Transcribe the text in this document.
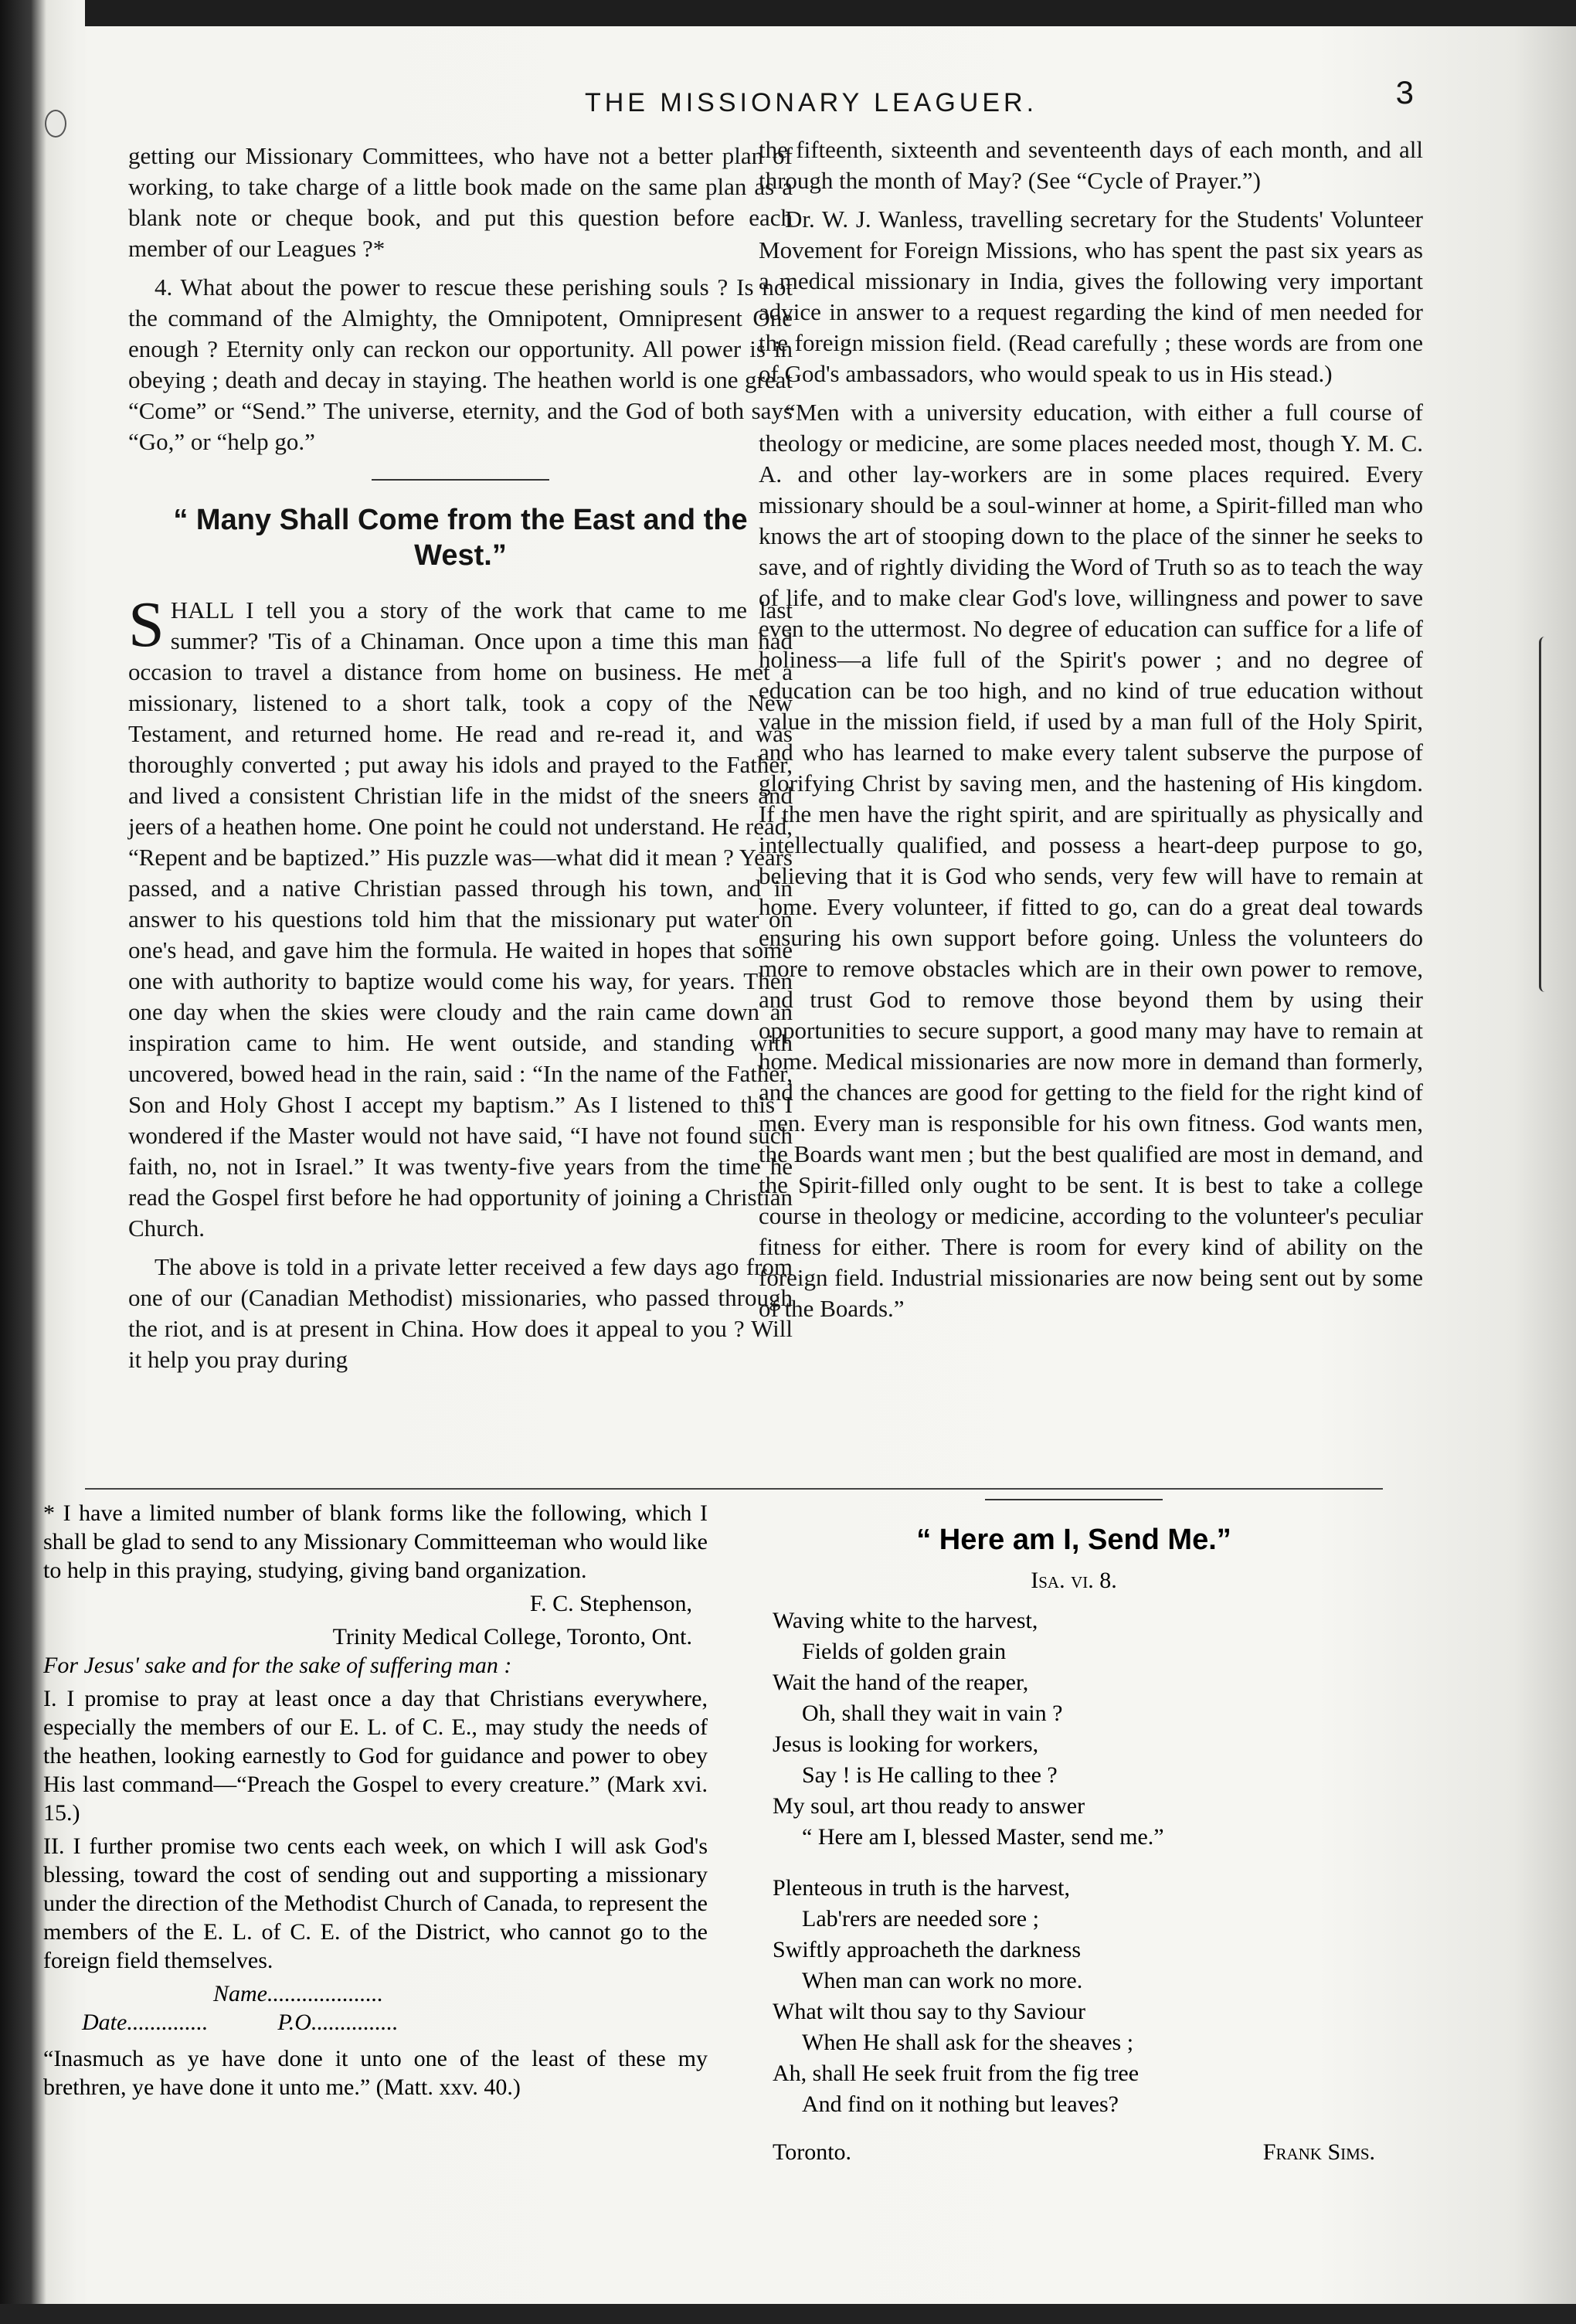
THE MISSIONARY LEAGUER.	3

getting our Missionary Committees, who have not a better plan of working, to take charge of a little book made on the same plan as a blank note or cheque book, and put this question before each member of our Leagues ?*

4. What about the power to rescue these perishing souls ? Is not the command of the Almighty, the Omnipotent, Omnipresent One enough ? Eternity only can reckon our opportunity. All power is in obeying ; death and decay in staying. The heathen world is one great “Come” or “Send.” The universe, eternity, and the God of both says “Go,” or “help go.”

“ Many Shall Come from the East and the West.”

SHALL I tell you a story of the work that came to me last summer? 'Tis of a Chinaman. Once upon a time this man had occasion to travel a distance from home on business. He met a missionary, listened to a short talk, took a copy of the New Testament, and returned home. He read and re-read it, and was thoroughly converted ; put away his idols and prayed to the Father, and lived a consistent Christian life in the midst of the sneers and jeers of a heathen home. One point he could not understand. He read, “Repent and be baptized.” His puzzle was—what did it mean ? Years passed, and a native Christian passed through his town, and in answer to his questions told him that the missionary put water on one's head, and gave him the formula. He waited in hopes that some one with authority to baptize would come his way, for years. Then one day when the skies were cloudy and the rain came down an inspiration came to him. He went outside, and standing with uncovered, bowed head in the rain, said : “In the name of the Father, Son and Holy Ghost I accept my baptism.” As I listened to this I wondered if the Master would not have said, “I have not found such faith, no, not in Israel.” It was twenty-five years from the time he read the Gospel first before he had opportunity of joining a Christian Church.

The above is told in a private letter received a few days ago from one of our (Canadian Methodist) missionaries, who passed through the riot, and is at present in China. How does it appeal to you ? Will it help you pray during

the fifteenth, sixteenth and seventeenth days of each month, and all through the month of May? (See “Cycle of Prayer.”)

Dr. W. J. Wanless, travelling secretary for the Students' Volunteer Movement for Foreign Missions, who has spent the past six years as a medical missionary in India, gives the following very important advice in answer to a request regarding the kind of men needed for the foreign mission field. (Read carefully ; these words are from one of God's ambassadors, who would speak to us in His stead.)

“Men with a university education, with either a full course of theology or medicine, are some places needed most, though Y. M. C. A. and other lay-workers are in some places required. Every missionary should be a soul-winner at home, a Spirit-filled man who knows the art of stooping down to the place of the sinner he seeks to save, and of rightly dividing the Word of Truth so as to teach the way of life, and to make clear God's love, willingness and power to save even to the uttermost. No degree of education can suffice for a life of holiness—a life full of the Spirit's power ; and no degree of education can be too high, and no kind of true education without value in the mission field, if used by a man full of the Holy Spirit, and who has learned to make every talent subserve the purpose of glorifying Christ by saving men, and the hastening of His kingdom. If the men have the right spirit, and are spiritually as physically and intellectually qualified, and possess a heart-deep purpose to go, believing that it is God who sends, very few will have to remain at home. Every volunteer, if fitted to go, can do a great deal towards ensuring his own support before going. Unless the volunteers do more to remove obstacles which are in their own power to remove, and trust God to remove those beyond them by using their opportunities to secure support, a good many may have to remain at home. Medical missionaries are now more in demand than formerly, and the chances are good for getting to the field for the right kind of men. Every man is responsible for his own fitness. God wants men, the Boards want men ; but the best qualified are most in demand, and the Spirit-filled only ought to be sent. It is best to take a college course in theology or medicine, according to the volunteer's peculiar fitness for either. There is room for every kind of ability on the foreign field. Industrial missionaries are now being sent out by some of the Boards.”

* I have a limited number of blank forms like the following, which I shall be glad to send to any Missionary Committeeman who would like to help in this praying, studying, giving band organization.

F. C. Stephenson,
Trinity Medical College, Toronto, Ont.

For Jesus' sake and for the sake of suffering man :

I. I promise to pray at least once a day that Christians everywhere, especially the members of our E. L. of C. E., may study the needs of the heathen, looking earnestly to God for guidance and power to obey His last command—“Preach the Gospel to every creature.” (Mark xvi. 15.)

II. I further promise two cents each week, on which I will ask God's blessing, toward the cost of sending out and supporting a missionary under the direction of the Methodist Church of Canada, to represent the members of the E. L. of C. E. of the District, who cannot go to the foreign field themselves.

Name....................
Date..............	P.O...............

“Inasmuch as ye have done it unto one of the least of these my brethren, ye have done it unto me.” (Matt. xxv. 40.)

“ Here am I, Send Me.”
Isa. vi. 8.
Waving white to the harvest,
Fields of golden grain
Wait the hand of the reaper,
Oh, shall they wait in vain ?
Jesus is looking for workers,
Say ! is He calling to thee ?
My soul, art thou ready to answer
“ Here am I, blessed Master, send me.”
Plenteous in truth is the harvest,
Lab'rers are needed sore ;
Swiftly approacheth the darkness
When man can work no more.
What wilt thou say to thy Saviour
When He shall ask for the sheaves ;
Ah, shall He seek fruit from the fig tree
And find on it nothing but leaves?
Toronto.	Frank Sims.
